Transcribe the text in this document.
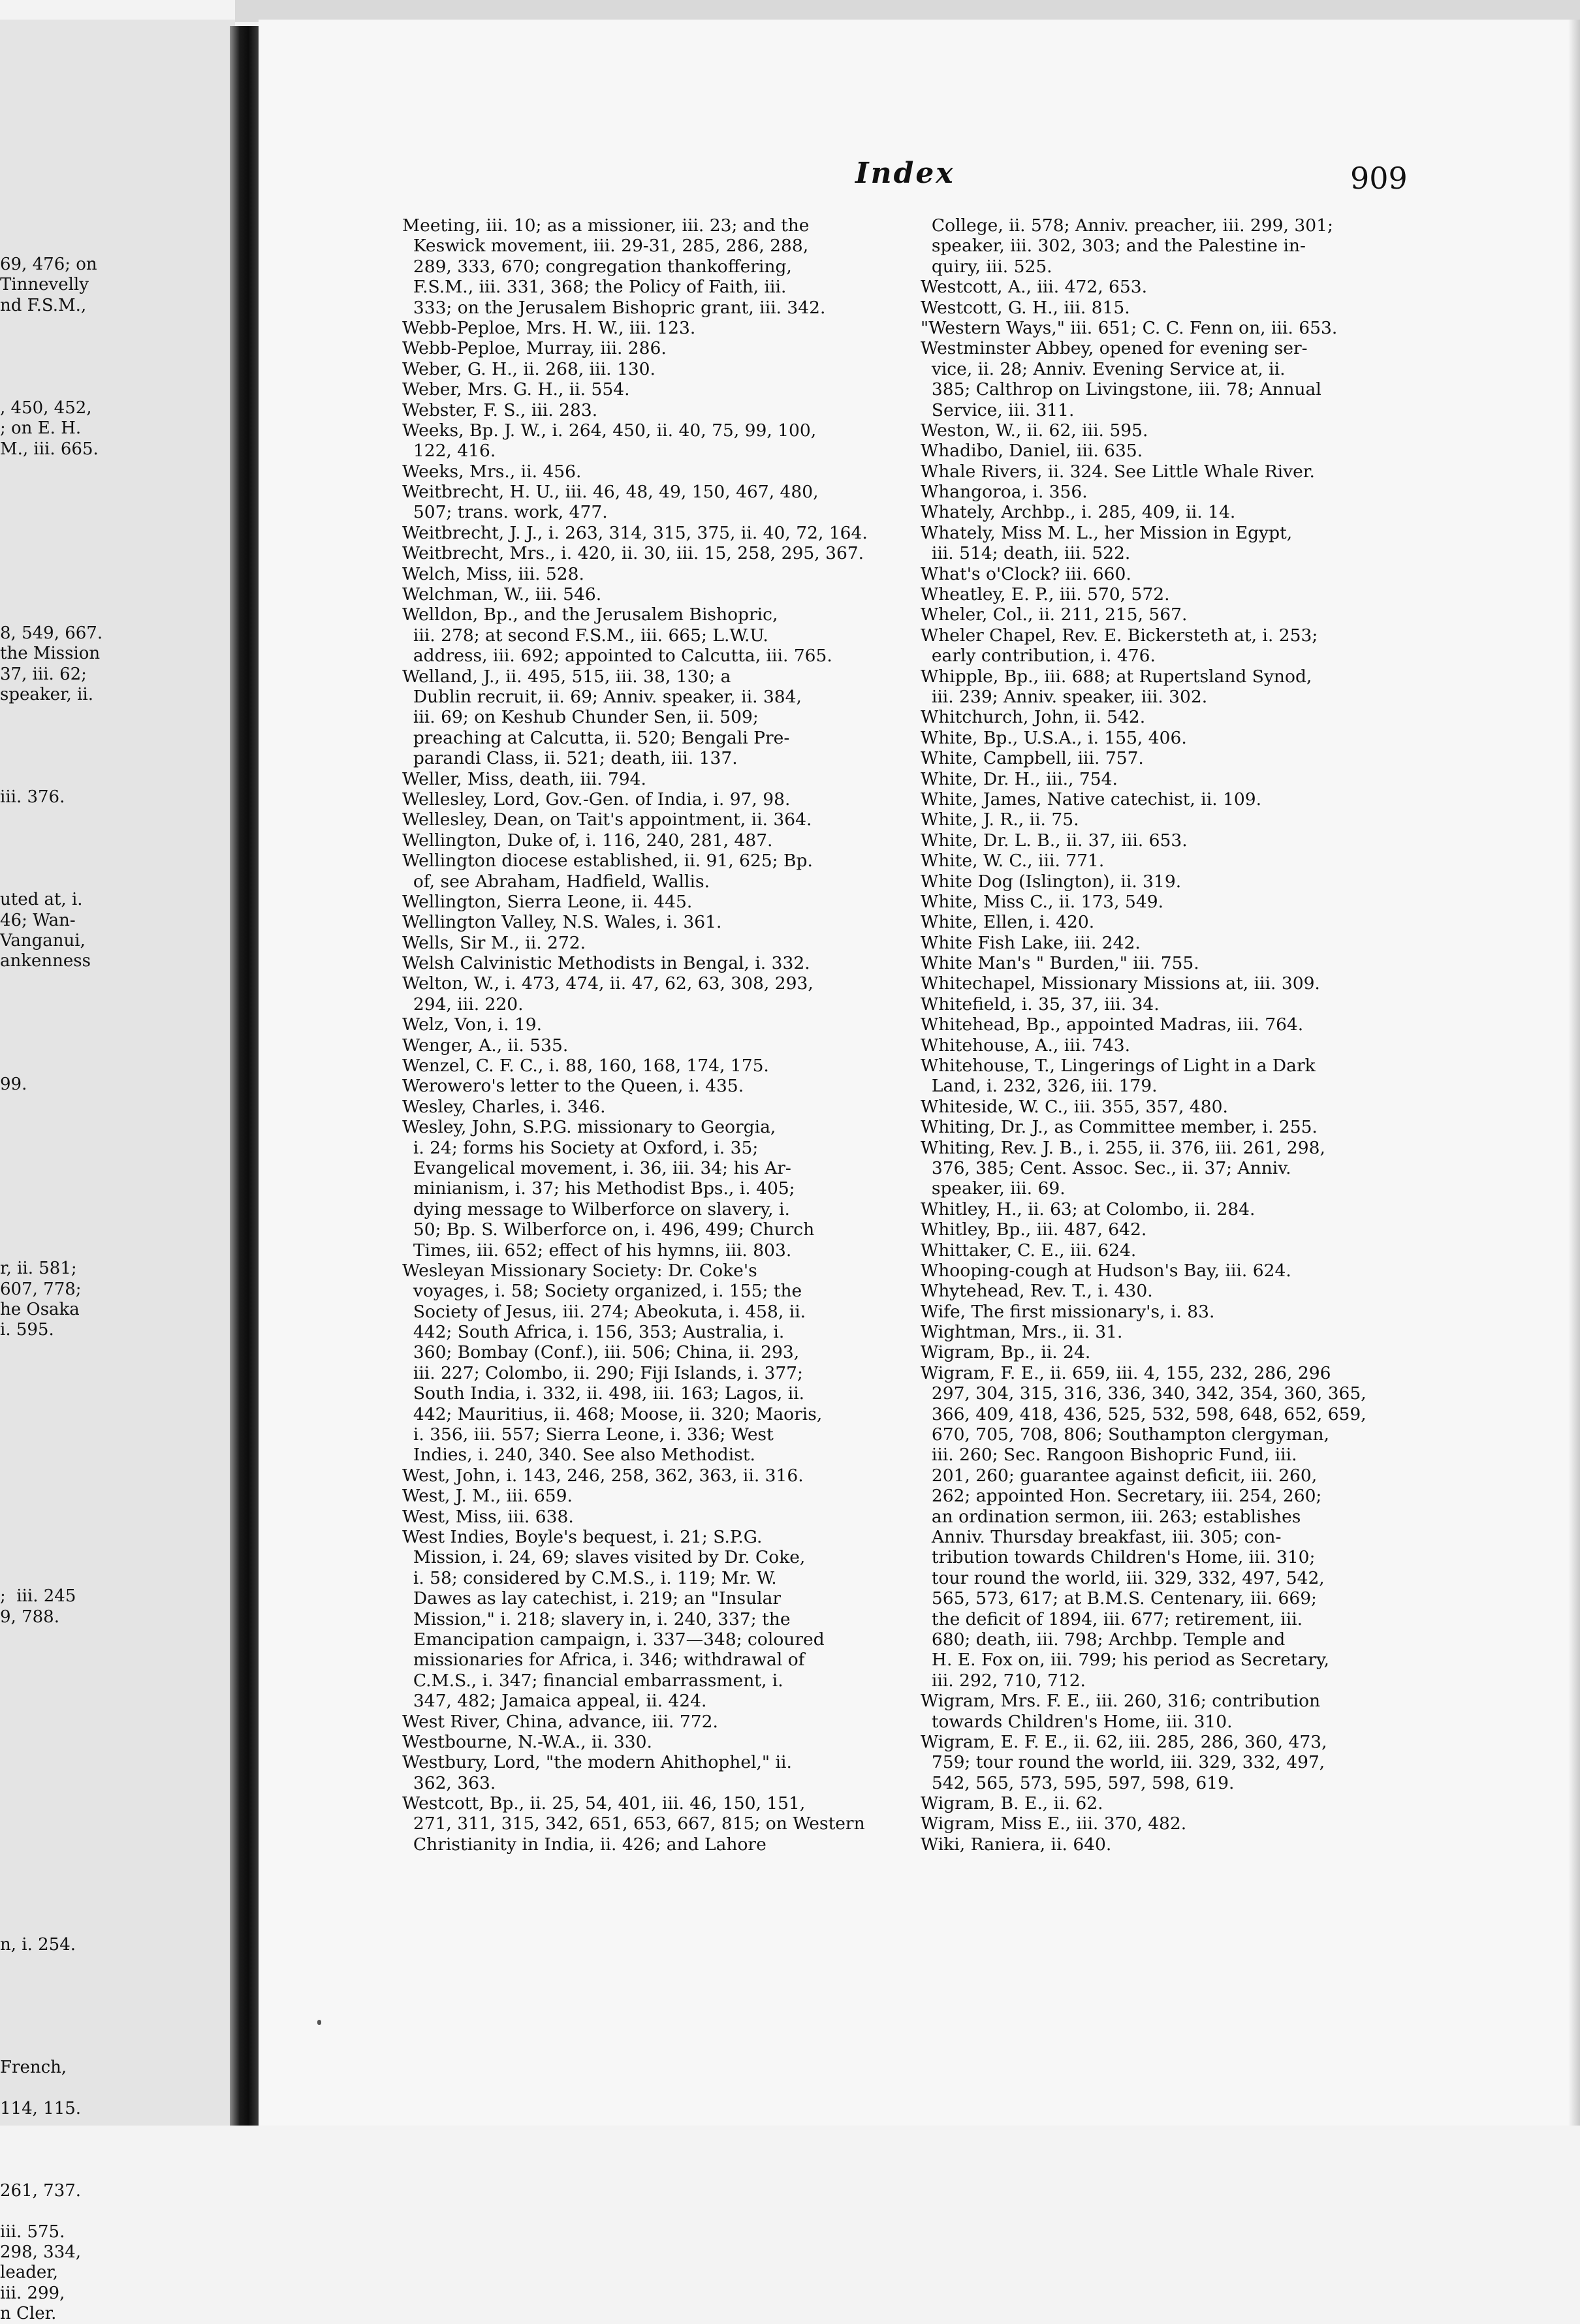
69, 476; on
Tinnevelly
nd F.S.M.,
, 450, 452,
; on E. H.
M., iii. 665.
8, 549, 667.
the Mission
37, iii. 62;
speaker, ii.
iii. 376.
uted at, i.
46; Wan-
Vanganui,
ankenness
99.
r, ii. 581;
607, 778;
he Osaka
i. 595.
;  iii. 245
9, 788.
n, i. 254.
French,
114, 115.
261, 737.
iii. 575.
298, 334,
leader,
iii. 299,
n Cler.
Index	909
Meeting, iii. 10; as a missioner, iii. 23; and the
Keswick movement, iii. 29-31, 285, 286, 288,
289, 333, 670; congregation thankoffering,
F.S.M., iii. 331, 368; the Policy of Faith, iii.
333; on the Jerusalem Bishopric grant, iii. 342.
Webb-Peploe, Mrs. H. W., iii. 123.
Webb-Peploe, Murray, iii. 286.
Weber, G. H., ii. 268, iii. 130.
Weber, Mrs. G. H., ii. 554.
Webster, F. S., iii. 283.
Weeks, Bp. J. W., i. 264, 450, ii. 40, 75, 99, 100,
122, 416.
Weeks, Mrs., ii. 456.
Weitbrecht, H. U., iii. 46, 48, 49, 150, 467, 480,
507; trans. work, 477.
Weitbrecht, J. J., i. 263, 314, 315, 375, ii. 40, 72, 164.
Weitbrecht, Mrs., i. 420, ii. 30, iii. 15, 258, 295, 367.
Welch, Miss, iii. 528.
Welchman, W., iii. 546.
Welldon, Bp., and the Jerusalem Bishopric,
iii. 278; at second F.S.M., iii. 665; L.W.U.
address, iii. 692; appointed to Calcutta, iii. 765.
Welland, J., ii. 495, 515, iii. 38, 130; a
Dublin recruit, ii. 69; Anniv. speaker, ii. 384,
iii. 69; on Keshub Chunder Sen, ii. 509;
preaching at Calcutta, ii. 520; Bengali Pre-
parandi Class, ii. 521; death, iii. 137.
Weller, Miss, death, iii. 794.
Wellesley, Lord, Gov.-Gen. of India, i. 97, 98.
Wellesley, Dean, on Tait's appointment, ii. 364.
Wellington, Duke of, i. 116, 240, 281, 487.
Wellington diocese established, ii. 91, 625; Bp.
of, see Abraham, Hadfield, Wallis.
Wellington, Sierra Leone, ii. 445.
Wellington Valley, N.S. Wales, i. 361.
Wells, Sir M., ii. 272.
Welsh Calvinistic Methodists in Bengal, i. 332.
Welton, W., i. 473, 474, ii. 47, 62, 63, 308, 293,
294, iii. 220.
Welz, Von, i. 19.
Wenger, A., ii. 535.
Wenzel, C. F. C., i. 88, 160, 168, 174, 175.
Werowero's letter to the Queen, i. 435.
Wesley, Charles, i. 346.
Wesley, John, S.P.G. missionary to Georgia,
i. 24; forms his Society at Oxford, i. 35;
Evangelical movement, i. 36, iii. 34; his Ar-
minianism, i. 37; his Methodist Bps., i. 405;
dying message to Wilberforce on slavery, i.
50; Bp. S. Wilberforce on, i. 496, 499; Church
Times, iii. 652; effect of his hymns, iii. 803.
Wesleyan Missionary Society: Dr. Coke's
voyages, i. 58; Society organized, i. 155; the
Society of Jesus, iii. 274; Abeokuta, i. 458, ii.
442; South Africa, i. 156, 353; Australia, i.
360; Bombay (Conf.), iii. 506; China, ii. 293,
iii. 227; Colombo, ii. 290; Fiji Islands, i. 377;
South India, i. 332, ii. 498, iii. 163; Lagos, ii.
442; Mauritius, ii. 468; Moose, ii. 320; Maoris,
i. 356, iii. 557; Sierra Leone, i. 336; West
Indies, i. 240, 340. See also Methodist.
West, John, i. 143, 246, 258, 362, 363, ii. 316.
West, J. M., iii. 659.
West, Miss, iii. 638.
West Indies, Boyle's bequest, i. 21; S.P.G.
Mission, i. 24, 69; slaves visited by Dr. Coke,
i. 58; considered by C.M.S., i. 119; Mr. W.
Dawes as lay catechist, i. 219; an "Insular
Mission," i. 218; slavery in, i. 240, 337; the
Emancipation campaign, i. 337—348; coloured
missionaries for Africa, i. 346; withdrawal of
C.M.S., i. 347; financial embarrassment, i.
347, 482; Jamaica appeal, ii. 424.
West River, China, advance, iii. 772.
Westbourne, N.-W.A., ii. 330.
Westbury, Lord, "the modern Ahithophel," ii.
362, 363.
Westcott, Bp., ii. 25, 54, 401, iii. 46, 150, 151,
271, 311, 315, 342, 651, 653, 667, 815; on Western
Christianity in India, ii. 426; and Lahore
College, ii. 578; Anniv. preacher, iii. 299, 301;
speaker, iii. 302, 303; and the Palestine in-
quiry, iii. 525.
Westcott, A., iii. 472, 653.
Westcott, G. H., iii. 815.
"Western Ways," iii. 651; C. C. Fenn on, iii. 653.
Westminster Abbey, opened for evening ser-
vice, ii. 28; Anniv. Evening Service at, ii.
385; Calthrop on Livingstone, iii. 78; Annual
Service, iii. 311.
Weston, W., ii. 62, iii. 595.
Whadibo, Daniel, iii. 635.
Whale Rivers, ii. 324. See Little Whale River.
Whangoroa, i. 356.
Whately, Archbp., i. 285, 409, ii. 14.
Whately, Miss M. L., her Mission in Egypt,
iii. 514; death, iii. 522.
What's o'Clock? iii. 660.
Wheatley, E. P., iii. 570, 572.
Wheler, Col., ii. 211, 215, 567.
Wheler Chapel, Rev. E. Bickersteth at, i. 253;
early contribution, i. 476.
Whipple, Bp., iii. 688; at Rupertsland Synod,
iii. 239; Anniv. speaker, iii. 302.
Whitchurch, John, ii. 542.
White, Bp., U.S.A., i. 155, 406.
White, Campbell, iii. 757.
White, Dr. H., iii., 754.
White, James, Native catechist, ii. 109.
White, J. R., ii. 75.
White, Dr. L. B., ii. 37, iii. 653.
White, W. C., iii. 771.
White Dog (Islington), ii. 319.
White, Miss C., ii. 173, 549.
White, Ellen, i. 420.
White Fish Lake, iii. 242.
White Man's " Burden," iii. 755.
Whitechapel, Missionary Missions at, iii. 309.
Whitefield, i. 35, 37, iii. 34.
Whitehead, Bp., appointed Madras, iii. 764.
Whitehouse, A., iii. 743.
Whitehouse, T., Lingerings of Light in a Dark
Land, i. 232, 326, iii. 179.
Whiteside, W. C., iii. 355, 357, 480.
Whiting, Dr. J., as Committee member, i. 255.
Whiting, Rev. J. B., i. 255, ii. 376, iii. 261, 298,
376, 385; Cent. Assoc. Sec., ii. 37; Anniv.
speaker, iii. 69.
Whitley, H., ii. 63; at Colombo, ii. 284.
Whitley, Bp., iii. 487, 642.
Whittaker, C. E., iii. 624.
Whooping-cough at Hudson's Bay, iii. 624.
Whytehead, Rev. T., i. 430.
Wife, The first missionary's, i. 83.
Wightman, Mrs., ii. 31.
Wigram, Bp., ii. 24.
Wigram, F. E., ii. 659, iii. 4, 155, 232, 286, 296
297, 304, 315, 316, 336, 340, 342, 354, 360, 365,
366, 409, 418, 436, 525, 532, 598, 648, 652, 659,
670, 705, 708, 806; Southampton clergyman,
iii. 260; Sec. Rangoon Bishopric Fund, iii.
201, 260; guarantee against deficit, iii. 260,
262; appointed Hon. Secretary, iii. 254, 260;
an ordination sermon, iii. 263; establishes
Anniv. Thursday breakfast, iii. 305; con-
tribution towards Children's Home, iii. 310;
tour round the world, iii. 329, 332, 497, 542,
565, 573, 617; at B.M.S. Centenary, iii. 669;
the deficit of 1894, iii. 677; retirement, iii.
680; death, iii. 798; Archbp. Temple and
H. E. Fox on, iii. 799; his period as Secretary,
iii. 292, 710, 712.
Wigram, Mrs. F. E., iii. 260, 316; contribution
towards Children's Home, iii. 310.
Wigram, E. F. E., ii. 62, iii. 285, 286, 360, 473,
759; tour round the world, iii. 329, 332, 497,
542, 565, 573, 595, 597, 598, 619.
Wigram, B. E., ii. 62.
Wigram, Miss E., iii. 370, 482.
Wiki, Raniera, ii. 640.
